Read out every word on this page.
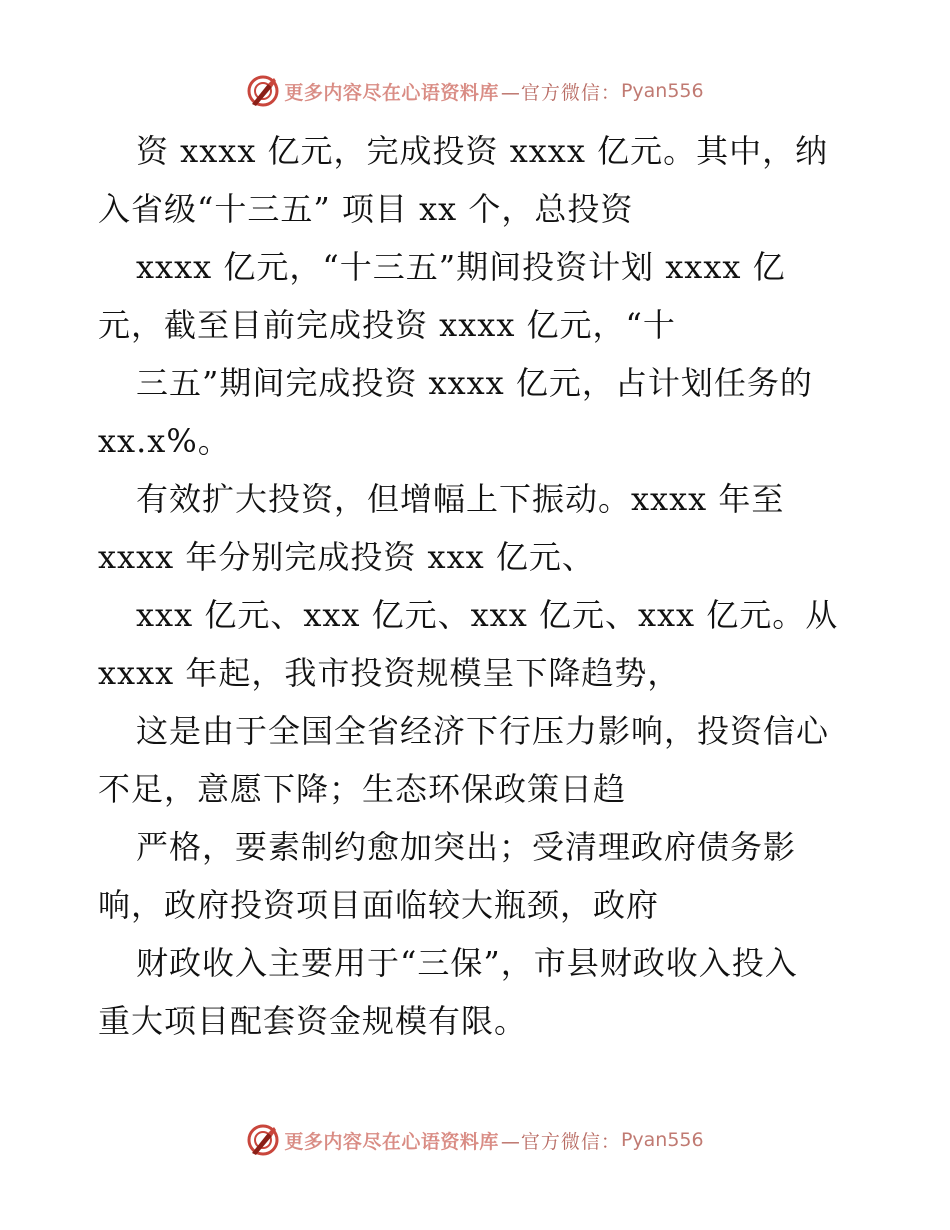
更多内容尽在心语资料库 —官方微信： Pyan556
资 xxxx 亿元，完成投资 xxxx 亿元。其中，纳
入省级“十三五” 项目 xx 个，总投资
xxxx 亿元，“十三五”期间投资计划 xxxx 亿
元，截至目前完成投资 xxxx 亿元，“十
三五”期间完成投资 xxxx 亿元，占计划任务的
xx.x%。
有效扩大投资，但增幅上下振动。xxxx 年至
xxxx 年分别完成投资 xxx 亿元、
xxx 亿元、xxx 亿元、xxx 亿元、xxx 亿元。从
xxxx 年起，我市投资规模呈下降趋势，
这是由于全国全省经济下行压力影响，投资信心
不足，意愿下降；生态环保政策日趋
严格，要素制约愈加突出；受清理政府债务影
响，政府投资项目面临较大瓶颈，政府
财政收入主要用于“三保”，市县财政收入投入
重大项目配套资金规模有限。
更多内容尽在心语资料库 —官方微信： Pyan556
